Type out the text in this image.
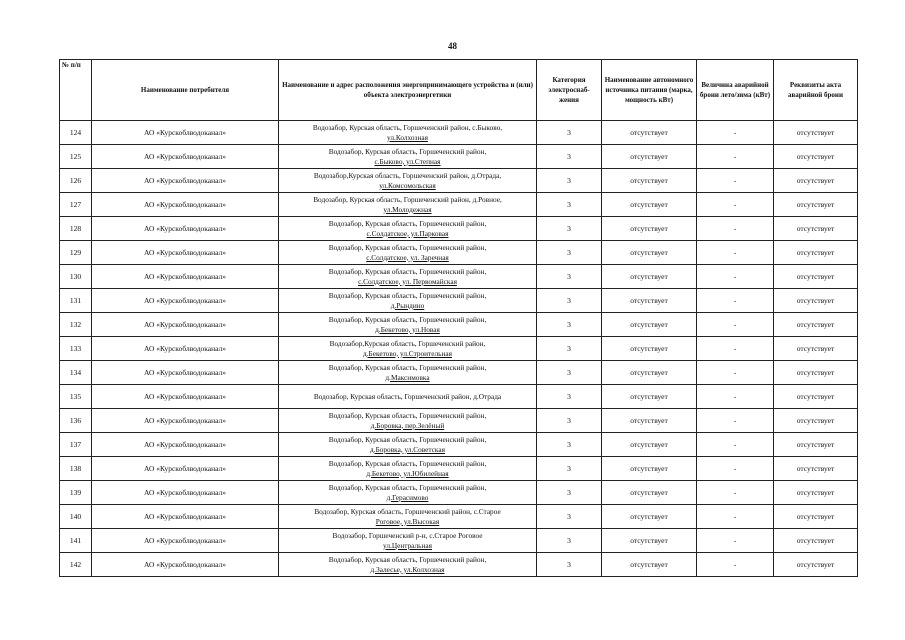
48
№ п/п	Наименование потребителя	Наименование и адрес расположения энергопринимающего устройства и (или) объекта электроэнергетики	Категория электроснаб-жения	Наименование автономного источника питания (марка, мощность кВт)	Величина аварийной брони лето/зима (кВт)	Реквизиты акта аварийной брони
124	АО «Курскоблводоканал»	Водозабор, Курская область, Горшеченский район, с.Быково,
ул.Колхозная	3	отсутствует	-	отсутствует
125	АО «Курскоблводоканал»	Водозабор, Курская область, Горшеченский район,
с.Быково, ул.Степная	3	отсутствует	-	отсутствует
126	АО «Курскоблводоканал»	Водозабор,Курская область, Горшеченский район, д.Отрада,
ул.Комсомольская	3	отсутствует	-	отсутствует
127	АО «Курскоблводоканал»	Водозабор, Курская область, Горшеченский район, д.Ровное,
ул.Молодежная	3	отсутствует	-	отсутствует
128	АО «Курскоблводоканал»	Водозабор, Курская область, Горшеченский район,
с.Солдатское, ул.Парковая	3	отсутствует	-	отсутствует
129	АО «Курскоблводоканал»	Водозабор, Курская область, Горшеченский район,
с.Солдатское, ул. Заречная	3	отсутствует	-	отсутствует
130	АО «Курскоблводоканал»	Водозабор, Курская область, Горшеченский район,
с.Солдатское, ул. Первомайская	3	отсутствует	-	отсутствует
131	АО «Курскоблводоканал»	Водозабор, Курская область, Горшеченский район,
д.Рындино	3	отсутствует	-	отсутствует
132	АО «Курскоблводоканал»	Водозабор, Курская область, Горшеченский район,
д.Бекетово, ул.Новая	3	отсутствует	-	отсутствует
133	АО «Курскоблводоканал»	Водозабор,Курская область, Горшеченский район,
д.Бекетово, ул.Строительная	3	отсутствует	-	отсутствует
134	АО «Курскоблводоканал»	Водозабор, Курская область, Горшеченский район,
д.Максимовка	3	отсутствует	-	отсутствует
135	АО «Курскоблводоканал»	Водозабор, Курская область, Горшеченский район, д.Отрада	3	отсутствует	-	отсутствует
136	АО «Курскоблводоканал»	Водозабор, Курская область, Горшеченский район,
д.Боровка, пер.Зелёный	3	отсутствует	-	отсутствует
137	АО «Курскоблводоканал»	Водозабор, Курская область, Горшеченский район,
д.Боровка, ул.Советская	3	отсутствует	-	отсутствует
138	АО «Курскоблводоканал»	Водозабор, Курская область, Горшеченский район,
д.Бекетово, ул.Юбилейная	3	отсутствует	-	отсутствует
139	АО «Курскоблводоканал»	Водозабор, Курская область, Горшеченский район,
д.Герасимово	3	отсутствует	-	отсутствует
140	АО «Курскоблводоканал»	Водозабор, Курская область, Горшеченский район, с.Старое
Роговое, ул.Высокая	3	отсутствует	-	отсутствует
141	АО «Курскоблводоканал»	Водозабор, Горшеченский р-н, с.Старое Роговое
ул.Центральная	3	отсутствует	-	отсутствует
142	АО «Курскоблводоканал»	Водозабор, Курская область, Горшеченский район,
д.Залесье, ул.Колхозная	3	отсутствует	-	отсутствует
